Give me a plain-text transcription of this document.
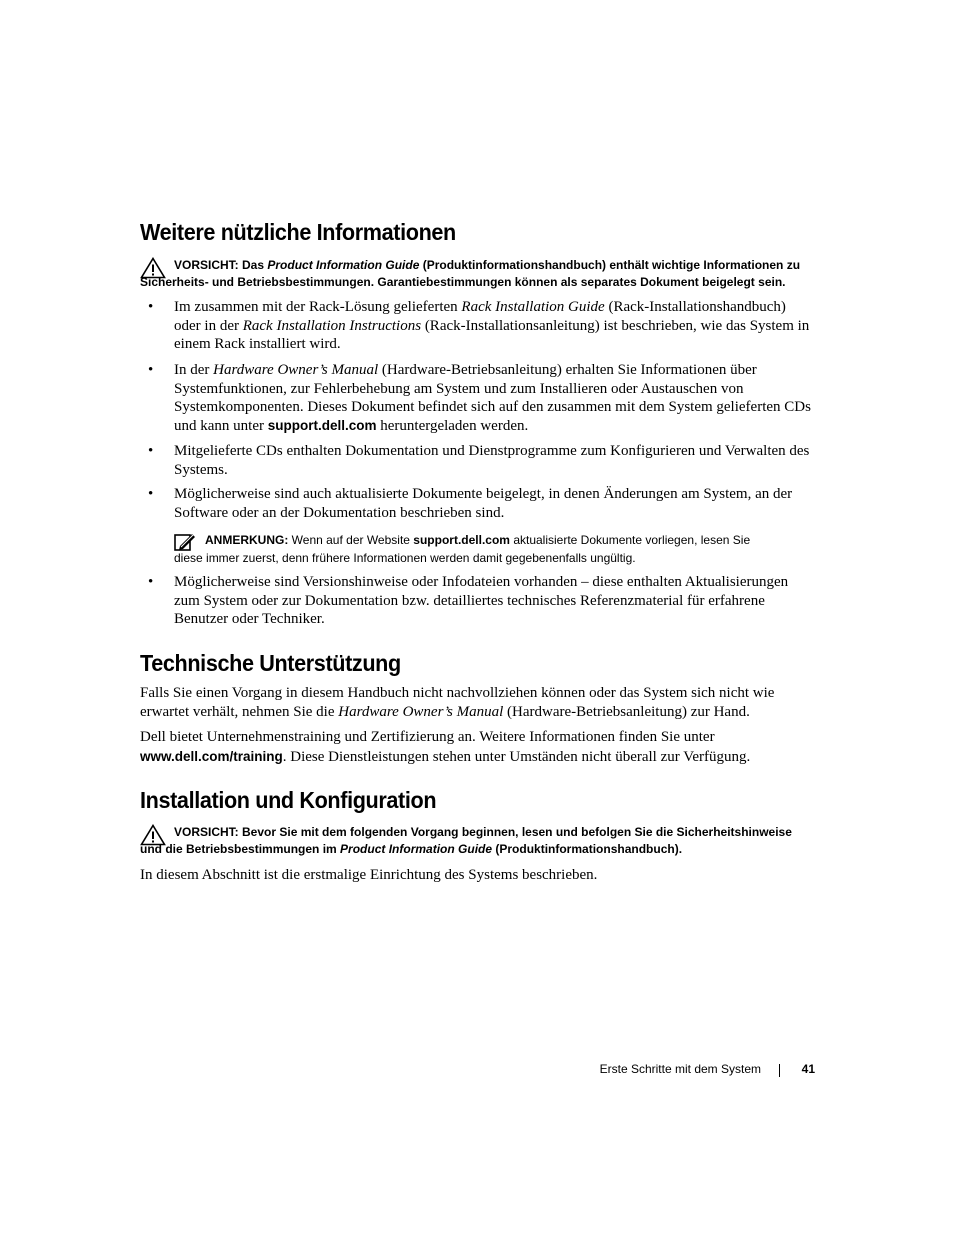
Weitere nützliche Informationen
VORSICHT: Das Product Information Guide (Produktinformationshandbuch) enthält wichtige Informationen zu
Sicherheits- und Betriebsbestimmungen. Garantiebestimmungen können als separates Dokument beigelegt sein.
• Im zusammen mit der Rack-Lösung gelieferten Rack Installation Guide (Rack-Installationshandbuch) oder in der Rack Installation Instructions (Rack-Installationsanleitung) ist beschrieben, wie das System in einem Rack installiert wird.
• In der Hardware Owner’s Manual (Hardware-Betriebsanleitung) erhalten Sie Informationen über Systemfunktionen, zur Fehlerbehebung am System und zum Installieren oder Austauschen von Systemkomponenten. Dieses Dokument befindet sich auf den zusammen mit dem System gelieferten CDs und kann unter support.dell.com heruntergeladen werden.
• Mitgelieferte CDs enthalten Dokumentation und Dienstprogramme zum Konfigurieren und Verwalten des Systems.
• Möglicherweise sind auch aktualisierte Dokumente beigelegt, in denen Änderungen am System, an der Software oder an der Dokumentation beschrieben sind.
ANMERKUNG: Wenn auf der Website support.dell.com aktualisierte Dokumente vorliegen, lesen Sie
diese immer zuerst, denn frühere Informationen werden damit gegebenenfalls ungültig.
• Möglicherweise sind Versionshinweise oder Infodateien vorhanden – diese enthalten Aktualisierungen zum System oder zur Dokumentation bzw. detailliertes technisches Referenzmaterial für erfahrene Benutzer oder Techniker.
Technische Unterstützung
Falls Sie einen Vorgang in diesem Handbuch nicht nachvollziehen können oder das System sich nicht wie erwartet verhält, nehmen Sie die Hardware Owner’s Manual (Hardware-Betriebsanleitung) zur Hand.
Dell bietet Unternehmenstraining und Zertifizierung an. Weitere Informationen finden Sie unter www.dell.com/training. Diese Dienstleistungen stehen unter Umständen nicht überall zur Verfügung.
Installation und Konfiguration
VORSICHT: Bevor Sie mit dem folgenden Vorgang beginnen, lesen und befolgen Sie die Sicherheitshinweise
und die Betriebsbestimmungen im Product Information Guide (Produktinformationshandbuch).
In diesem Abschnitt ist die erstmalige Einrichtung des Systems beschrieben.
Erste Schritte mit dem System	41
